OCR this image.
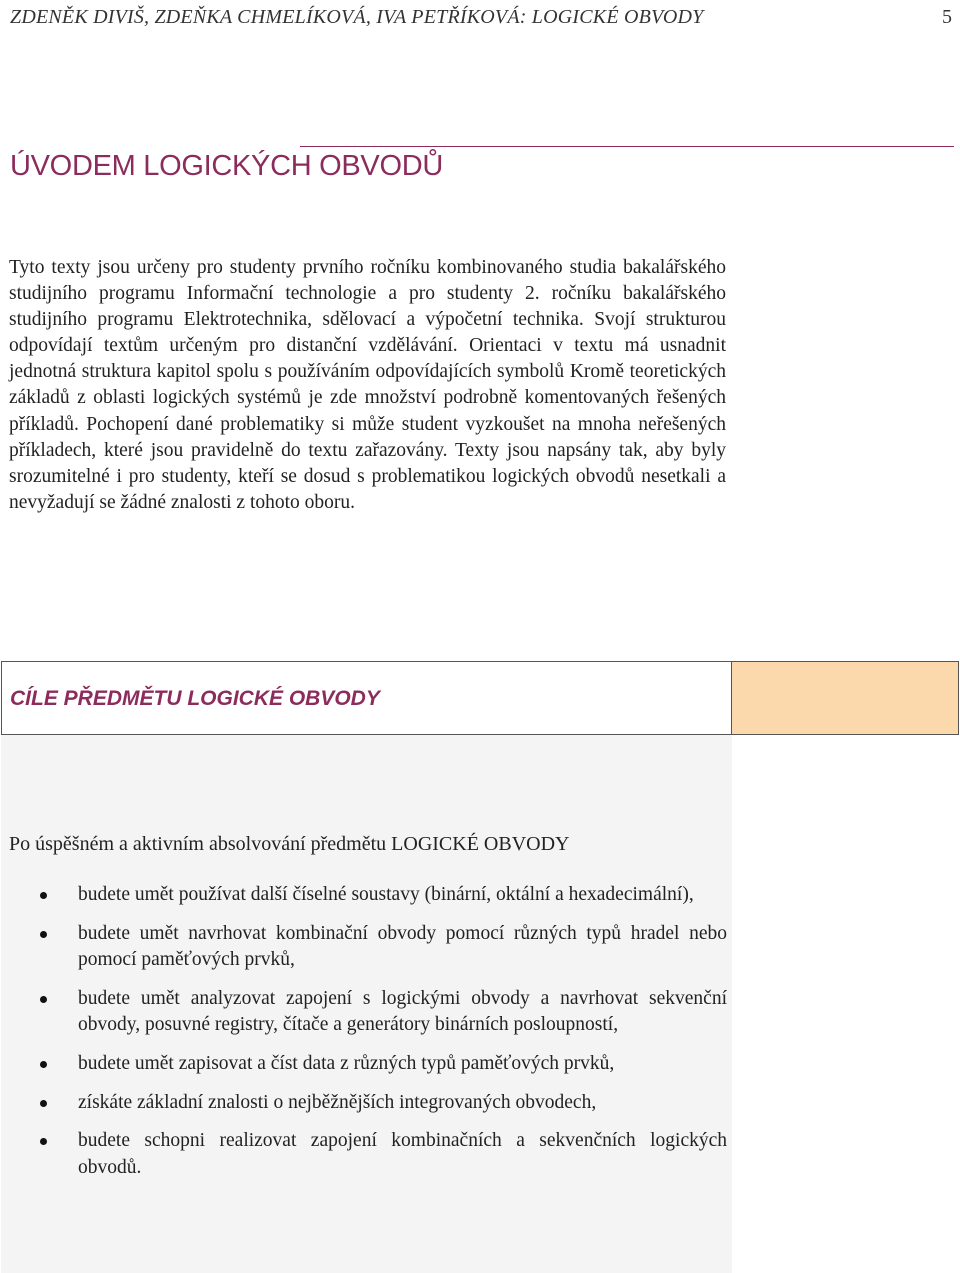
ZDENĚK DIVIŠ, ZDEŇKA CHMELÍKOVÁ, IVA PETŘÍKOVÁ: LOGICKÉ OBVODY	5
ÚVODEM LOGICKÝCH OBVODŮ

Tyto texty jsou určeny pro studenty prvního ročníku kombinovaného studia bakalářského studijního programu Informační technologie a pro studenty 2. ročníku bakalářského studijního programu Elektrotechnika, sdělovací a výpočetní technika. Svojí strukturou odpovídají textům určeným pro distanční vzdělávání. Orientaci v textu má usnadnit jednotná struktura kapitol spolu s používáním odpovídajících symbolů Kromě teoretických základů z oblasti logických systémů je zde množství podrobně komentovaných řešených příkladů. Pochopení dané problematiky si může student vyzkoušet na mnoha neřešených příkladech, které jsou pravidelně do textu zařazovány. Texty jsou napsány tak, aby byly srozumitelné i pro studenty, kteří se dosud s problematikou logických obvodů nesetkali a nevyžadují se žádné znalosti z tohoto oboru.

CÍLE PŘEDMĚTU LOGICKÉ OBVODY

Po úspěšném a aktivním absolvování předmětu LOGICKÉ OBVODY

budete umět používat další číselné soustavy (binární, oktální a hexadecimální),
budete umět navrhovat kombinační obvody pomocí různých typů hradel nebo pomocí paměťových prvků,
budete umět analyzovat zapojení s logickými obvody a navrhovat sekvenční obvody, posuvné registry, čítače a generátory binárních posloupností,
budete umět zapisovat a číst data z různých typů paměťových prvků,
získáte základní znalosti o nejběžnějších integrovaných obvodech,
budete schopni realizovat zapojení kombinačních a sekvenčních logických obvodů.
